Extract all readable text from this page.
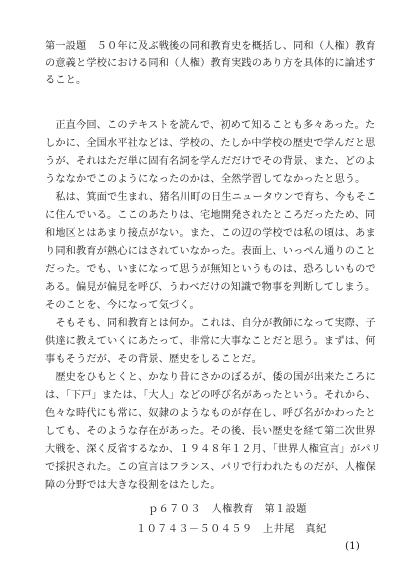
第一設題　５０年に及ぶ戦後の同和教育史を概括し、同和（人権）教育
の意義と学校における同和（人権）教育実践のあり方を具体的に論述す
ること。
　正直今回、このテキストを読んで、初めて知ることも多々あった。た
しかに、全国水平社などは、学校の、たしか中学校の歴史で学んだと思
うが、それはただ単に固有名詞を学んだだけでその背景、また、どのよ
うななかでこのようになったのかは、全然学習してなかったと思う。
　私は、箕面で生まれ、猪名川町の日生ニュータウンで育ち、今もそこ
に住んでいる。ここのあたりは、宅地開発されたところだったため、同
和地区とはあまり接点がない。また、この辺の学校では私の頃は、あま
り同和教育が熱心にはされていなかった。表面上、いっぺん通りのこと
だった。でも、いまになって思うが無知というものは、恐ろしいもので
ある。偏見が偏見を呼び、うわべだけの知識で物事を判断してしまう。
そのことを、今になって気づく。
　そもそも、同和教育とは何か。これは、自分が教師になって実際、子
供達に教えていくにあたって、非常に大事なことだと思う。まずは、何
事もそうだが、その背景、歴史をしることだ。
　歴史をひもとくと、かなり昔にさかのぼるが、倭の国が出来たころに
は、「下戸」または、「大人」などの呼び名があったという。それから、
色々な時代にも常に、奴隷のようなものが存在し、呼び名がかわったと
しても、そのような存在があった。その後、長い歴史を経て第二次世界
大戦を、深く反省するなか、１９４８年１２月、「世界人権宣言」がパリ
で採択された。この宣言はフランス、パリで行われたものだが、人権保
障の分野では大きな役割をはたした。
ｐ６７０３　人権教育　第１設題
１０７４３－５０４５９　上井尾　真紀
(1)
